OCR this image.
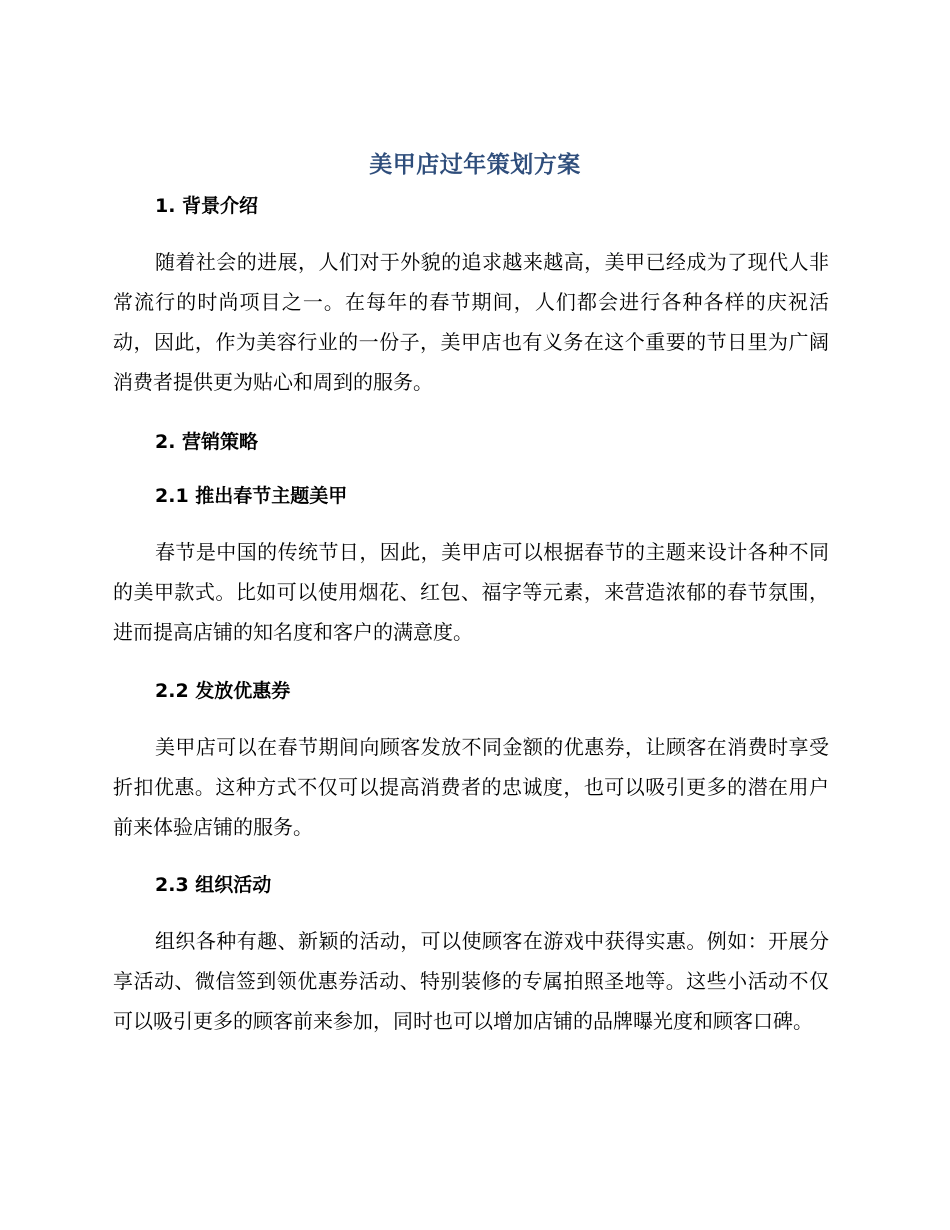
美甲店过年策划方案
1. 背景介绍

随着社会的进展，人们对于外貌的追求越来越高，美甲已经成为了现代人非常流行的时尚项目之一。在每年的春节期间，人们都会进行各种各样的庆祝活动，因此，作为美容行业的一份子，美甲店也有义务在这个重要的节日里为广阔消费者提供更为贴心和周到的服务。

2. 营销策略
2.1 推出春节主题美甲

春节是中国的传统节日，因此，美甲店可以根据春节的主题来设计各种不同的美甲款式。比如可以使用烟花、红包、福字等元素，来营造浓郁的春节氛围，进而提高店铺的知名度和客户的满意度。

2.2 发放优惠券

美甲店可以在春节期间向顾客发放不同金额的优惠券，让顾客在消费时享受折扣优惠。这种方式不仅可以提高消费者的忠诚度，也可以吸引更多的潜在用户前来体验店铺的服务。

2.3 组织活动

组织各种有趣、新颖的活动，可以使顾客在游戏中获得实惠。例如：开展分享活动、微信签到领优惠券活动、特别装修的专属拍照圣地等。这些小活动不仅可以吸引更多的顾客前来参加，同时也可以增加店铺的品牌曝光度和顾客口碑。
